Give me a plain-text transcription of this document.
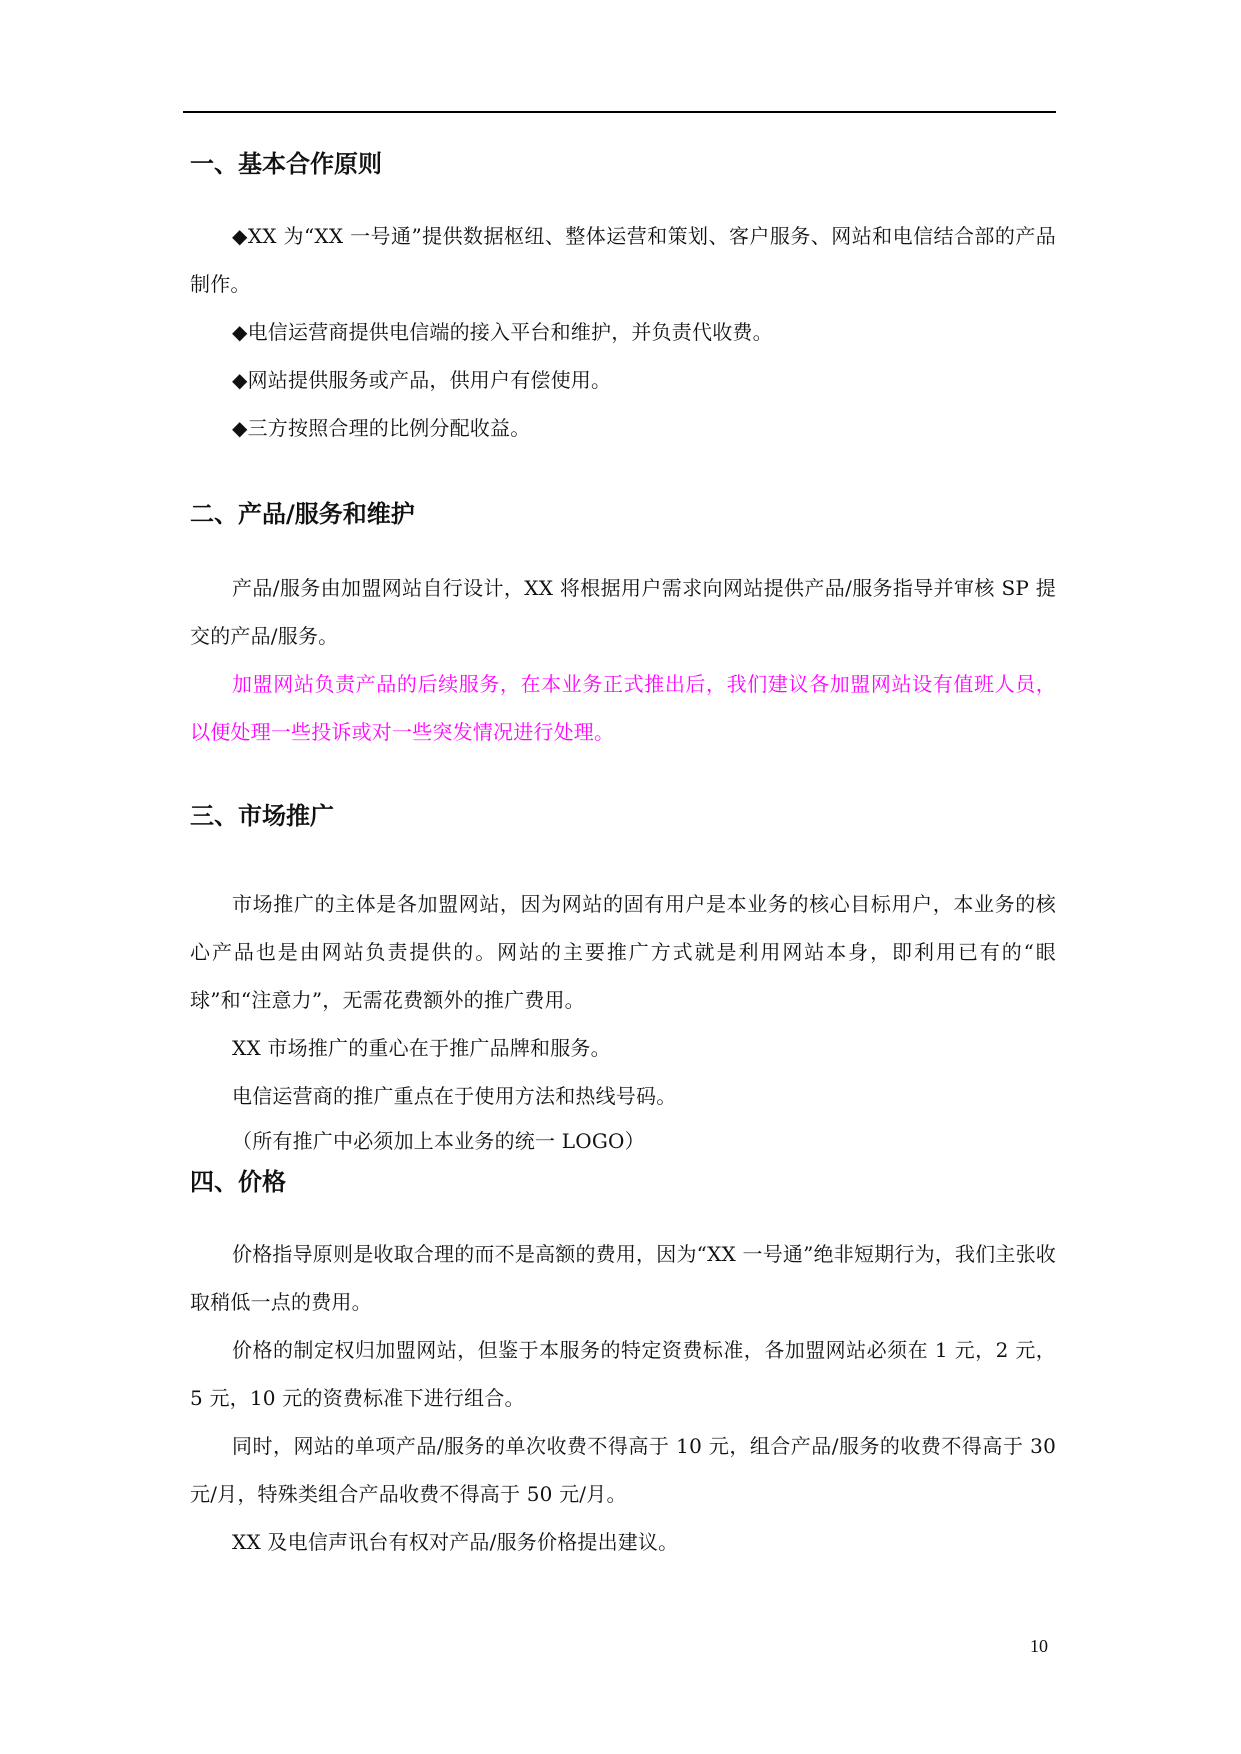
一、基本合作原则

◆XX 为“XX 一号通”提供数据枢纽、整体运营和策划、客户服务、网站和电信结合部的产品制作。

◆电信运营商提供电信端的接入平台和维护，并负责代收费。

◆网站提供服务或产品，供用户有偿使用。

◆三方按照合理的比例分配收益。

二、产品/服务和维护

产品/服务由加盟网站自行设计，XX 将根据用户需求向网站提供产品/服务指导并审核 SP 提交的产品/服务。

加盟网站负责产品的后续服务，在本业务正式推出后，我们建议各加盟网站设有值班人员，以便处理一些投诉或对一些突发情况进行处理。

三、市场推广

市场推广的主体是各加盟网站，因为网站的固有用户是本业务的核心目标用户，本业务的核心产品也是由网站负责提供的。网站的主要推广方式就是利用网站本身，即利用已有的“眼球”和“注意力”，无需花费额外的推广费用。

XX 市场推广的重心在于推广品牌和服务。

电信运营商的推广重点在于使用方法和热线号码。

（所有推广中必须加上本业务的统一 LOGO）

四、价格

价格指导原则是收取合理的而不是高额的费用，因为“XX 一号通”绝非短期行为，我们主张收取稍低一点的费用。

价格的制定权归加盟网站，但鉴于本服务的特定资费标准，各加盟网站必须在 1 元，2 元，5 元，10 元的资费标准下进行组合。

同时，网站的单项产品/服务的单次收费不得高于 10 元，组合产品/服务的收费不得高于 30 元/月，特殊类组合产品收费不得高于 50 元/月。

XX 及电信声讯台有权对产品/服务价格提出建议。

10
